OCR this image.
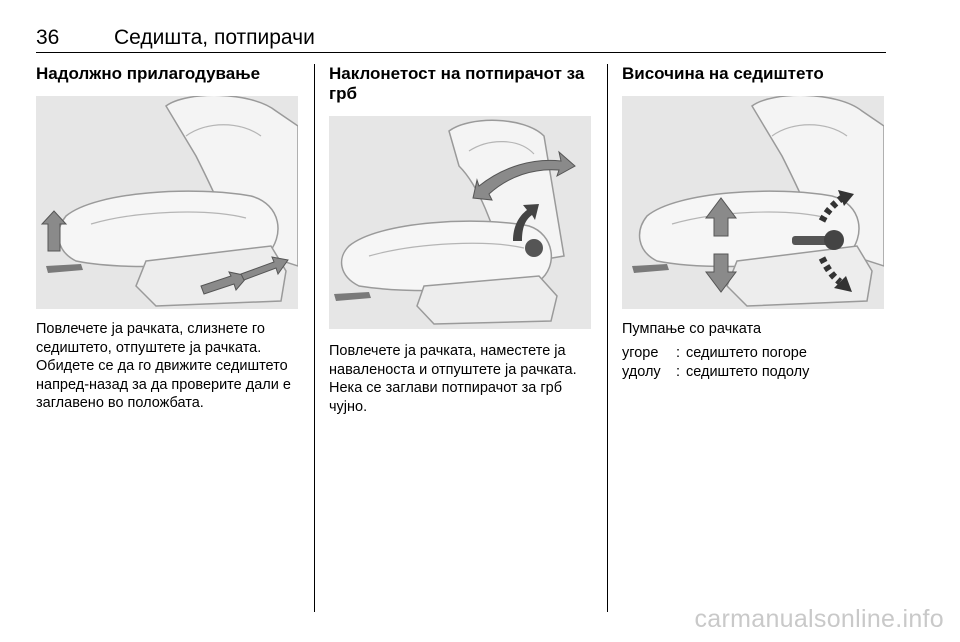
36	Седишта, потпирачи
Надолжно прилагодување

Повлечете ја рачката, слизнете го седиштето, отпуштете ја рачката. Обидете се да го движите седиштето напред-назад за да проверите дали е заглавено во положбата.

Наклонетост на потпирачот за грб

Повлечете ја рачката, наместете ја наваленоста и отпуштете ја рачката. Нека се заглави потпирачот за грб чујно.

Височина на седиштето

Пумпање со рачката

угоре	: седиштето погоре
удолу	: седиштето подолу
carmanualsonline.info
